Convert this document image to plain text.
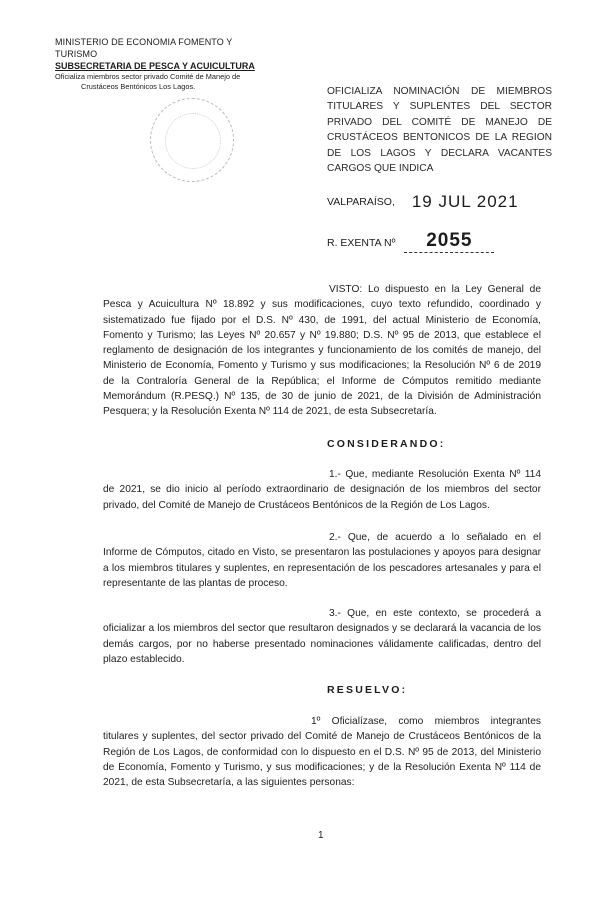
MINISTERIO DE ECONOMIA FOMENTO Y TURISMO
SUBSECRETARIA DE PESCA Y ACUICULTURA
Oficializa miembros sector privado Comité de Manejo de
Crustáceos Bentónicos Los Lagos.	OFICIALIZA NOMINACIÓN DE MIEMBROS TITULARES Y SUPLENTES DEL SECTOR PRIVADO DEL COMITÉ DE MANEJO DE CRUSTÁCEOS BENTONICOS DE LA REGION DE LOS LAGOS Y DECLARA VACANTES CARGOS QUE INDICA
VALPARAÍSO, 19 JUL 2021
R. EXENTA Nº 2055
VISTO: Lo dispuesto en la Ley General de Pesca y Acuicultura Nº 18.892 y sus modificaciones, cuyo texto refundido, coordinado y sistematizado fue fijado por el D.S. Nº 430, de 1991, del actual Ministerio de Economía, Fomento y Turismo; las Leyes Nº 20.657 y Nº 19.880; D.S. Nº 95 de 2013, que establece el reglamento de designación de los integrantes y funcionamiento de los comités de manejo, del Ministerio de Economía, Fomento y Turismo y sus modificaciones; la Resolución Nº 6 de 2019 de la Contraloría General de la República; el Informe de Cómputos remitido mediante Memorándum (R.PESQ.) Nº 135, de 30 de junio de 2021, de la División de Administración Pesquera; y la Resolución Exenta Nº 114 de 2021, de esta Subsecretaría.
CONSIDERANDO:
1.- Que, mediante Resolución Exenta Nº 114 de 2021, se dio inicio al período extraordinario de designación de los miembros del sector privado, del Comité de Manejo de Crustáceos Bentónicos de la Región de Los Lagos.
2.- Que, de acuerdo a lo señalado en el Informe de Cómputos, citado en Visto, se presentaron las postulaciones y apoyos para designar a los miembros titulares y suplentes, en representación de los pescadores artesanales y para el representante de las plantas de proceso.
3.- Que, en este contexto, se procederá a oficializar a los miembros del sector que resultaron designados y se declarará la vacancia de los demás cargos, por no haberse presentado nominaciones válidamente calificadas, dentro del plazo establecido.
RESUELVO:
1º Oficialízase, como miembros integrantes titulares y suplentes, del sector privado del Comité de Manejo de Crustáceos Bentónicos de la Región de Los Lagos, de conformidad con lo dispuesto en el D.S. Nº 95 de 2013, del Ministerio de Economía, Fomento y Turismo, y sus modificaciones; y de la Resolución Exenta Nº 114 de 2021, de esta Subsecretaría, a las siguientes personas:
1
